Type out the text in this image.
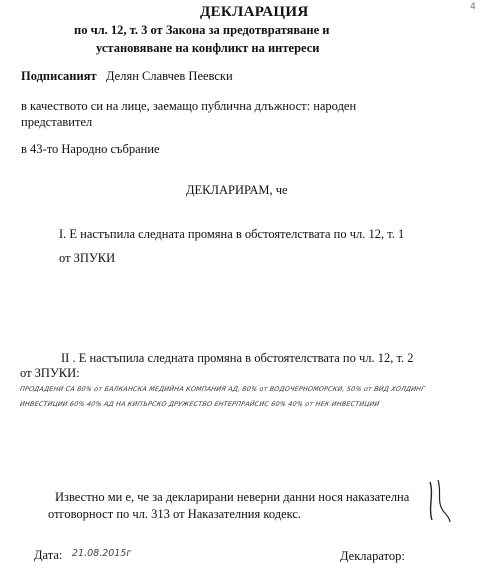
4
ДЕКЛАРАЦИЯ
по чл. 12, т. 3 от Закона за предотвратяване и
установяване на конфликт на интереси
Подписаният Делян Славчев Пеевски
в качеството си на лице, заемащо публична длъжност: народен
представител
в 43-то Народно събрание
ДЕКЛАРИРАМ, че
I. Е настъпила следната промяна в обстоятелствата по чл. 12, т. 1
от ЗПУКИ
II . Е настъпила следната промяна в обстоятелствата по чл. 12, т. 2
от ЗПУКИ:
ПРОДАДЕНИ СА 80% от БАЛКАНСКА МЕДИЙНА КОМПАНИЯ АД, 80% от ВОДОЧЕРНОМОРСКИ, 50% от ВИД ХОЛДИНГ
ИНВЕСТИЦИИ 60% 40% АД НА КИПЪРСКО ДРУЖЕСТВО ЕНТЕРПРАЙСИС 60% 40% от НЕК ИНВЕСТИЦИИ
Известно ми е, че за декларирани неверни данни нося наказателна
отговорност по чл. 313 от Наказателния кодекс.
Дата: 21.08.2015г	Декларатор:
